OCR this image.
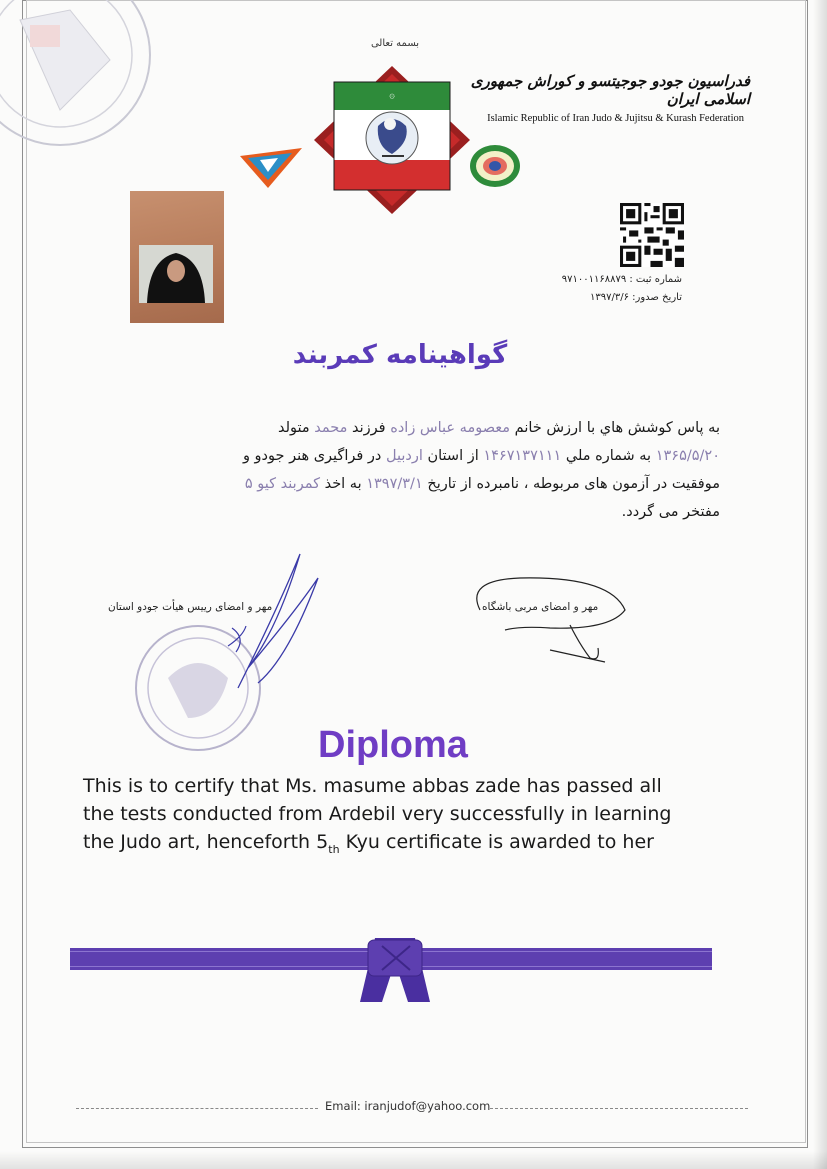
بسمه تعالی
۞
فدراسیون جودو جوجیتسو و کوراش جمهوری اسلامی ایران
Islamic Republic of Iran Judo & Jujitsu & Kurash Federation
شماره ثبت : ۹۷۱۰۰۱۱۶۸۸۷۹
تاریخ صدور: ۱۳۹۷/۳/۶
گواهینامه کمربند
به پاس کوشش هاي با ارزش خانم معصومه عباس زاده فرزند محمد متولد
۱۳۶۵/۵/۲۰ به شماره ملي ۱۴۶۷۱۳۷۱۱۱ از استان اردبيل در فراگیری هنر جودو و
موفقیت در آزمون های مربوطه ، نامبرده از تاریخ ۱۳۹۷/۳/۱ به اخذ کمربند کیو ۵
مفتخر می گردد.
مهر و امضای رییس هیأت جودو استان	مهر و امضای مربی باشگاه
Diploma
This is to certify that Ms. masume abbas zade has passed all
the tests conducted from Ardebil very successfully in learning
the Judo art, henceforth $5_{th}$ Kyu certificate is awarded to her
Email: iranjudof@yahoo.com
